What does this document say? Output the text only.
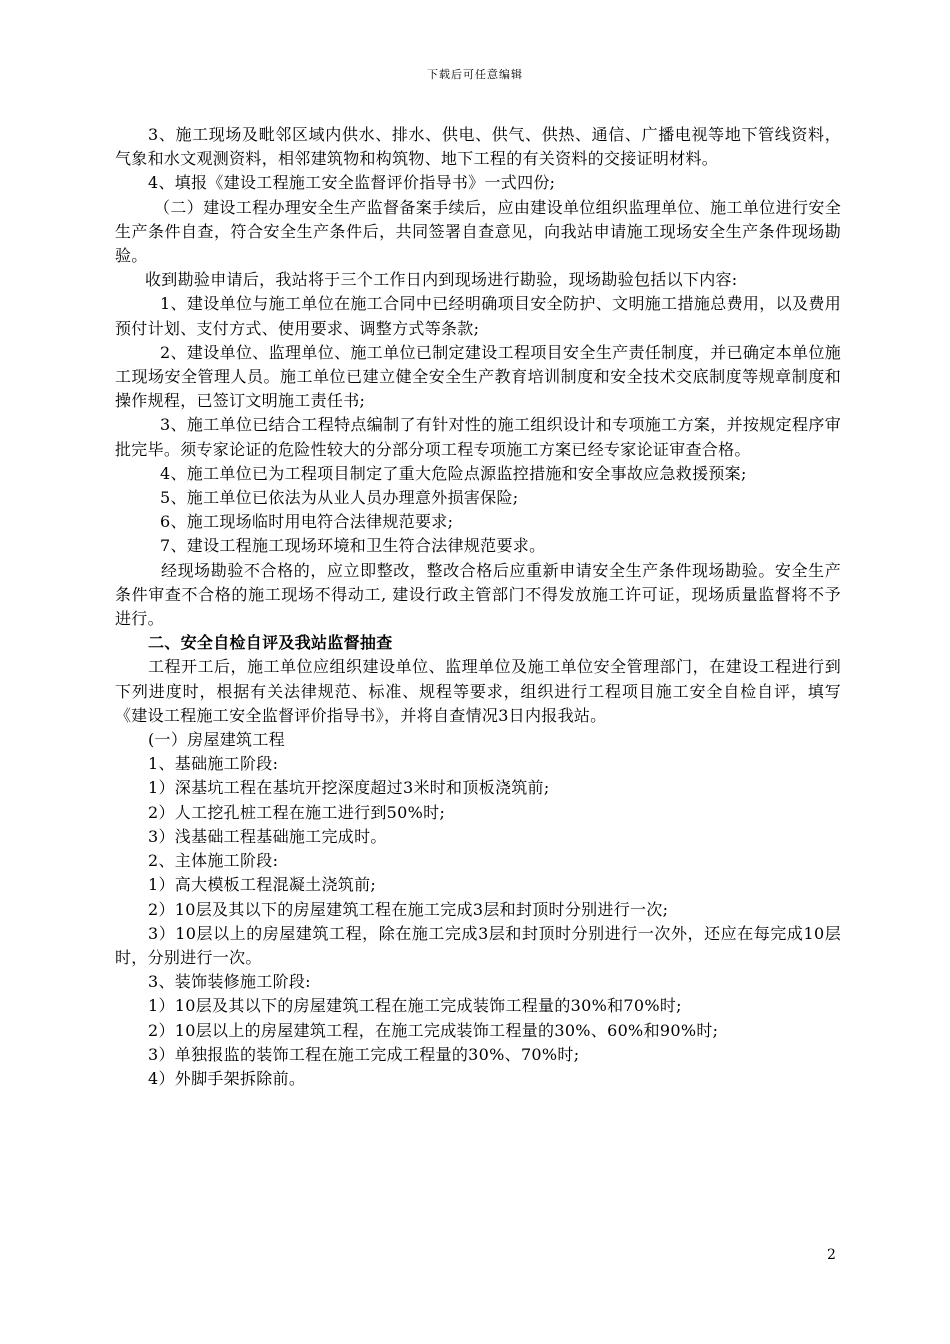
下载后可任意编辑

3、施工现场及毗邻区域内供水、排水、供电、供气、供热、通信、广播电视等地下管线资料，气象和水文观测资料，相邻建筑物和构筑物、地下工程的有关资料的交接证明材料。

4、填报《建设工程施工安全监督评价指导书》一式四份;

（二）建设工程办理安全生产监督备案手续后，应由建设单位组织监理单位、施工单位进行安全生产条件自查，符合安全生产条件后，共同签署自查意见，向我站申请施工现场安全生产条件现场勘验。

收到勘验申请后，我站将于三个工作日内到现场进行勘验，现场勘验包括以下内容:

1、建设单位与施工单位在施工合同中已经明确项目安全防护、文明施工措施总费用，以及费用预付计划、支付方式、使用要求、调整方式等条款;

2、建设单位、监理单位、施工单位已制定建设工程项目安全生产责任制度，并已确定本单位施工现场安全管理人员。施工单位已建立健全安全生产教育培训制度和安全技术交底制度等规章制度和操作规程，已签订文明施工责任书;

3、施工单位已结合工程特点编制了有针对性的施工组织设计和专项施工方案，并按规定程序审批完毕。须专家论证的危险性较大的分部分项工程专项施工方案已经专家论证审查合格。

4、施工单位已为工程项目制定了重大危险点源监控措施和安全事故应急救援预案;

5、施工单位已依法为从业人员办理意外损害保险;

6、施工现场临时用电符合法律规范要求;

7、建设工程施工现场环境和卫生符合法律规范要求。

经现场勘验不合格的，应立即整改，整改合格后应重新申请安全生产条件现场勘验。安全生产条件审查不合格的施工现场不得动工, 建设行政主管部门不得发放施工许可证，现场质量监督将不予进行。

二、安全自检自评及我站监督抽查

工程开工后，施工单位应组织建设单位、监理单位及施工单位安全管理部门，在建设工程进行到下列进度时，根据有关法律规范、标准、规程等要求，组织进行工程项目施工安全自检自评，填写《建设工程施工安全监督评价指导书》，并将自查情况3日内报我站。

(一）房屋建筑工程

1、基础施工阶段:

1）深基坑工程在基坑开挖深度超过3米时和顶板浇筑前;

2）人工挖孔桩工程在施工进行到50%时;

3）浅基础工程基础施工完成时。

2、主体施工阶段:

1）高大模板工程混凝土浇筑前;

2）10层及其以下的房屋建筑工程在施工完成3层和封顶时分别进行一次;

3）10层以上的房屋建筑工程，除在施工完成3层和封顶时分别进行一次外，还应在每完成10层时，分别进行一次。

3、装饰装修施工阶段:

1）10层及其以下的房屋建筑工程在施工完成装饰工程量的30%和70%时;

2）10层以上的房屋建筑工程，在施工完成装饰工程量的30%、60%和90%时;

3）单独报监的装饰工程在施工完成工程量的30%、70%时;

4）外脚手架拆除前。

2
